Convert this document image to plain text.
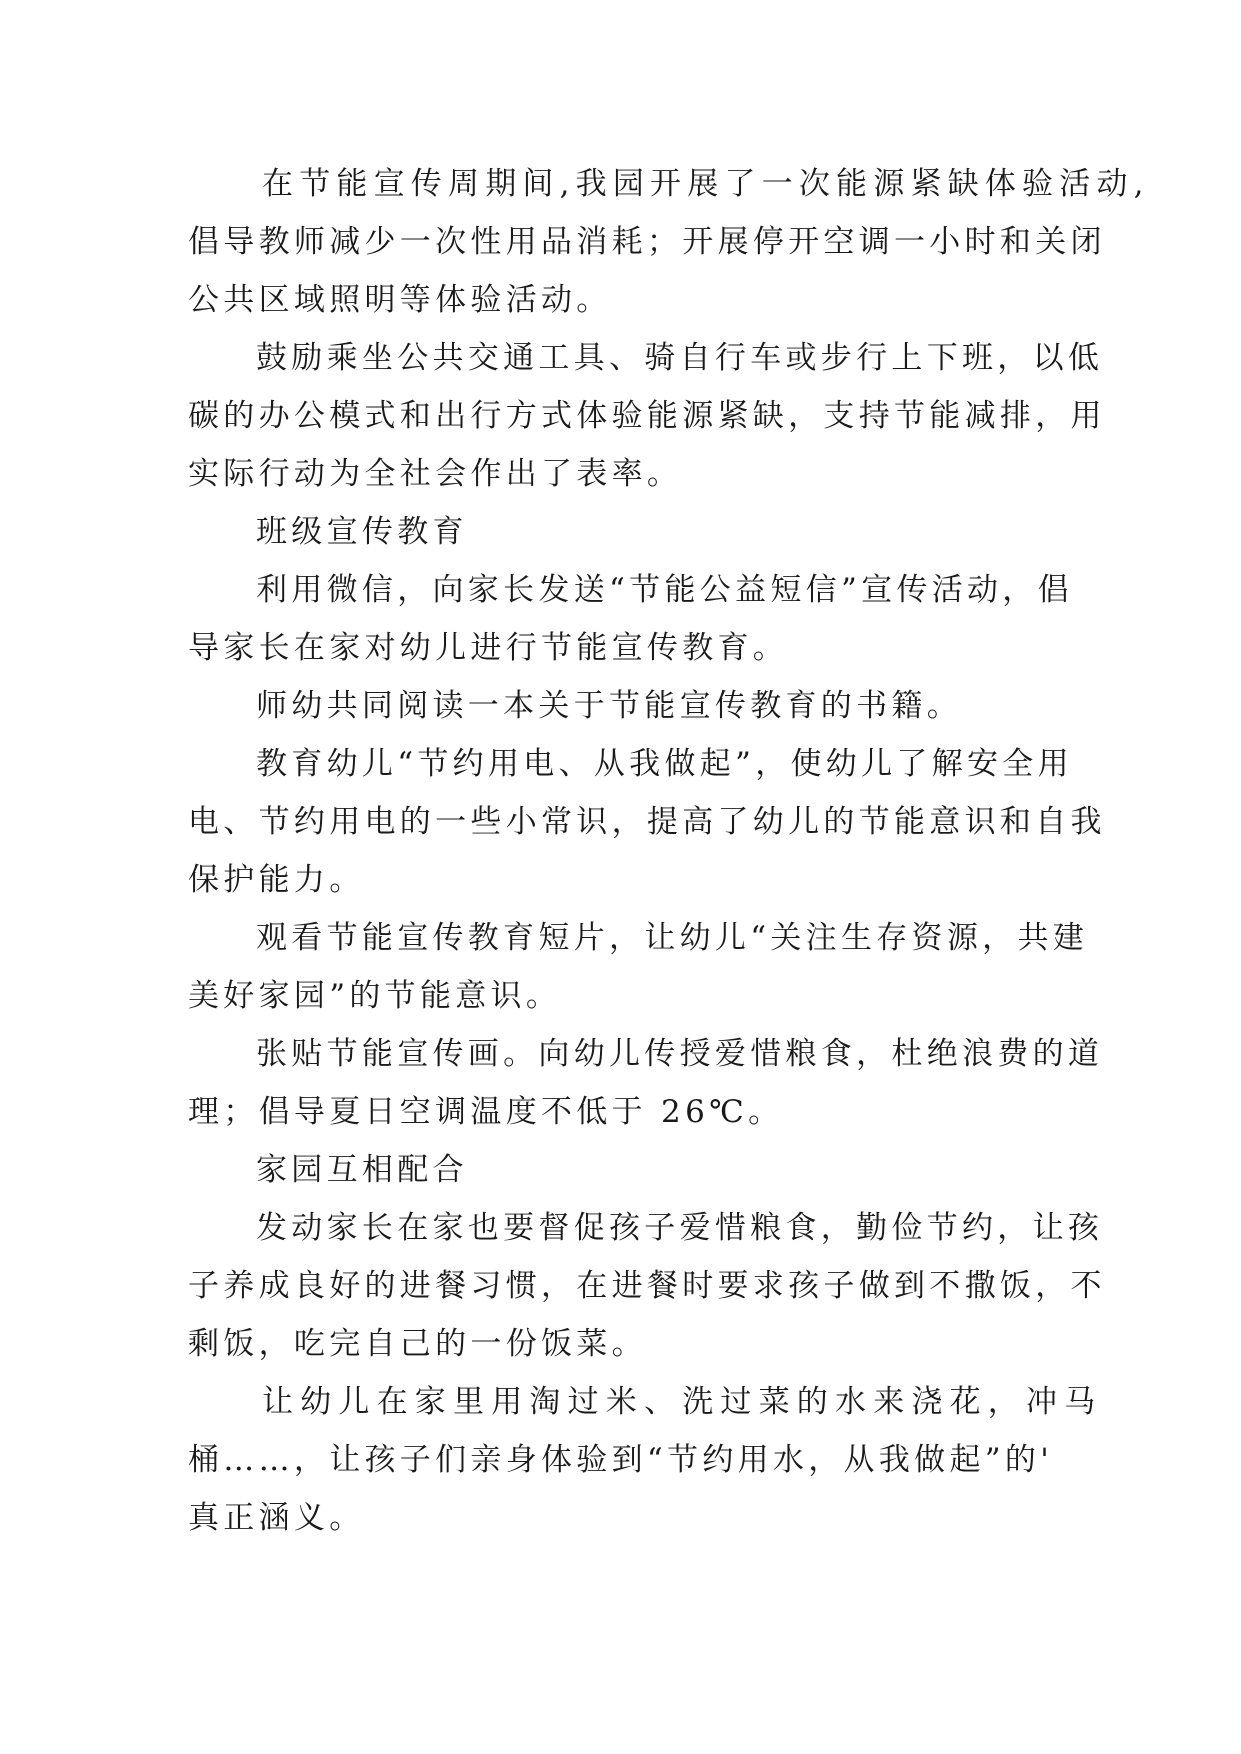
在节能宣传周期间,我园开展了一次能源紧缺体验活动,
倡导教师减少一次性用品消耗；开展停开空调一小时和关闭
公共区域照明等体验活动。
鼓励乘坐公共交通工具、骑自行车或步行上下班，以低
碳的办公模式和出行方式体验能源紧缺，支持节能减排，用
实际行动为全社会作出了表率。
班级宣传教育
利用微信，向家长发送“节能公益短信”宣传活动，倡
导家长在家对幼儿进行节能宣传教育。
师幼共同阅读一本关于节能宣传教育的书籍。
教育幼儿“节约用电、从我做起”，使幼儿了解安全用
电、节约用电的一些小常识，提高了幼儿的节能意识和自我
保护能力。
观看节能宣传教育短片，让幼儿“关注生存资源，共建
美好家园”的节能意识。
张贴节能宣传画。向幼儿传授爱惜粮食，杜绝浪费的道
理；倡导夏日空调温度不低于 26℃。
家园互相配合
发动家长在家也要督促孩子爱惜粮食，勤俭节约，让孩
子养成良好的进餐习惯，在进餐时要求孩子做到不撒饭，不
剩饭，吃完自己的一份饭菜。
让幼儿在家里用淘过米、洗过菜的水来浇花，冲马
桶……，让孩子们亲身体验到“节约用水，从我做起”的'
真正涵义。
